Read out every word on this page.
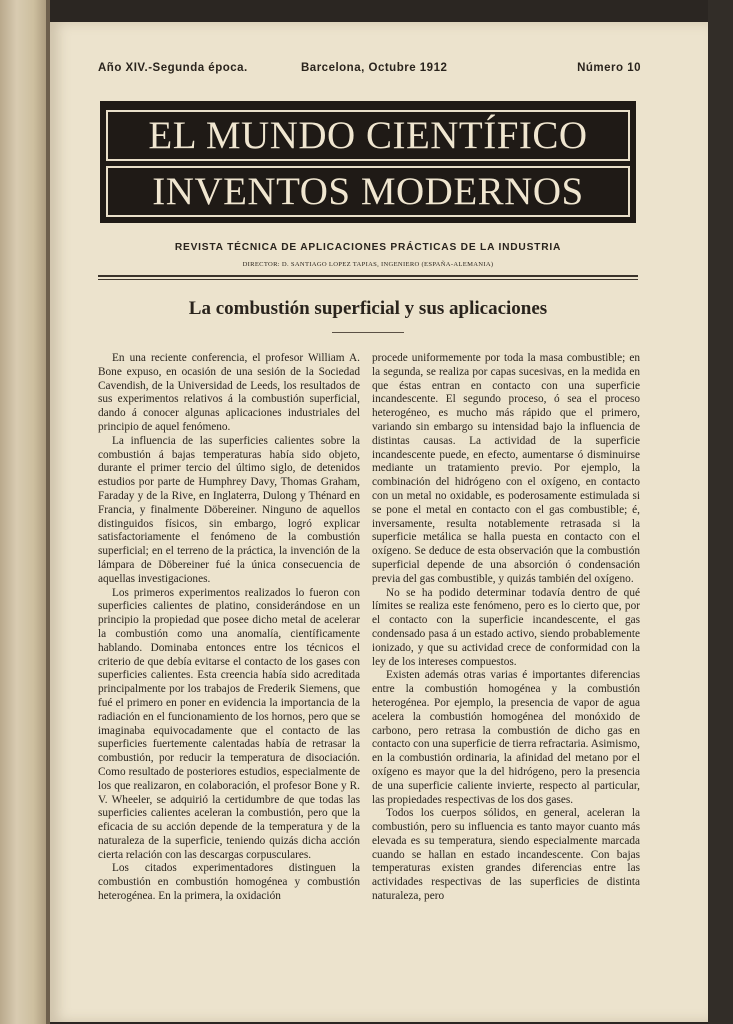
Año XIV.-Segunda época.	Barcelona, Octubre 1912	Número 10
EL MUNDO CIENTÍFICO
INVENTOS MODERNOS
REVISTA TÉCNICA DE APLICACIONES PRÁCTICAS DE LA INDUSTRIA
DIRECTOR: D. SANTIAGO LOPEZ TAPIAS, INGENIERO (ESPAÑA-ALEMANIA)
La combustión superficial y sus aplicaciones

En una reciente conferencia, el profesor William A. Bone expuso, en ocasión de una sesión de la Sociedad Cavendish, de la Universidad de Leeds, los resultados de sus experimentos relativos á la combustión superficial, dando á conocer algunas aplicaciones industriales del principio de aquel fenómeno.

La influencia de las superficies calientes sobre la combustión á bajas temperaturas había sido objeto, durante el primer tercio del último siglo, de detenidos estudios por parte de Humphrey Davy, Thomas Graham, Faraday y de la Rive, en Inglaterra, Dulong y Thénard en Francia, y finalmente Döbereiner. Ninguno de aquellos distinguidos físicos, sin embargo, logró explicar satisfactoriamente el fenómeno de la combustión superficial; en el terreno de la práctica, la invención de la lámpara de Döbereiner fué la única consecuencia de aquellas investigaciones.

Los primeros experimentos realizados lo fueron con superficies calientes de platino, considerándose en un principio la propiedad que posee dicho metal de acelerar la combustión como una anomalía, científicamente hablando. Dominaba entonces entre los técnicos el criterio de que debía evitarse el contacto de los gases con superficies calientes. Esta creencia había sido acreditada principalmente por los trabajos de Frederik Siemens, que fué el primero en poner en evidencia la importancia de la radiación en el funcionamiento de los hornos, pero que se imaginaba equivocadamente que el contacto de las superficies fuertemente calentadas había de retrasar la combustión, por reducir la temperatura de disociación. Como resultado de posteriores estudios, especialmente de los que realizaron, en colaboración, el profesor Bone y R. V. Wheeler, se adquirió la certidumbre de que todas las superficies calientes aceleran la combustión, pero que la eficacia de su acción depende de la temperatura y de la naturaleza de la superficie, teniendo quizás dicha acción cierta relación con las descargas corpusculares.

Los citados experimentadores distinguen la combustión en combustión homogénea y combustión heterogénea. En la primera, la oxidación

procede uniformemente por toda la masa combustible; en la segunda, se realiza por capas sucesivas, en la medida en que éstas entran en contacto con una superficie incandescente. El segundo proceso, ó sea el proceso heterogéneo, es mucho más rápido que el primero, variando sin embargo su intensidad bajo la influencia de distintas causas. La actividad de la superficie incandescente puede, en efecto, aumentarse ó disminuirse mediante un tratamiento previo. Por ejemplo, la combinación del hidrógeno con el oxígeno, en contacto con un metal no oxidable, es poderosamente estimulada si se pone el metal en contacto con el gas combustible; é, inversamente, resulta notablemente retrasada si la superficie metálica se halla puesta en contacto con el oxígeno. Se deduce de esta observación que la combustión superficial depende de una absorción ó condensación previa del gas combustible, y quizás también del oxígeno.

No se ha podido determinar todavía dentro de qué límites se realiza este fenómeno, pero es lo cierto que, por el contacto con la superficie incandescente, el gas condensado pasa á un estado activo, siendo probablemente ionizado, y que su actividad crece de conformidad con la ley de los intereses compuestos.

Existen además otras varias é importantes diferencias entre la combustión homogénea y la combustión heterogénea. Por ejemplo, la presencia de vapor de agua acelera la combustión homogénea del monóxido de carbono, pero retrasa la combustión de dicho gas en contacto con una superficie de tierra refractaria. Asimismo, en la combustión ordinaria, la afinidad del metano por el oxígeno es mayor que la del hidrógeno, pero la presencia de una superficie caliente invierte, respecto al particular, las propiedades respectivas de los dos gases.

Todos los cuerpos sólidos, en general, aceleran la combustión, pero su influencia es tanto mayor cuanto más elevada es su temperatura, siendo especialmente marcada cuando se hallan en estado incandescente. Con bajas temperaturas existen grandes diferencias entre las actividades respectivas de las superficies de distinta naturaleza, pero
